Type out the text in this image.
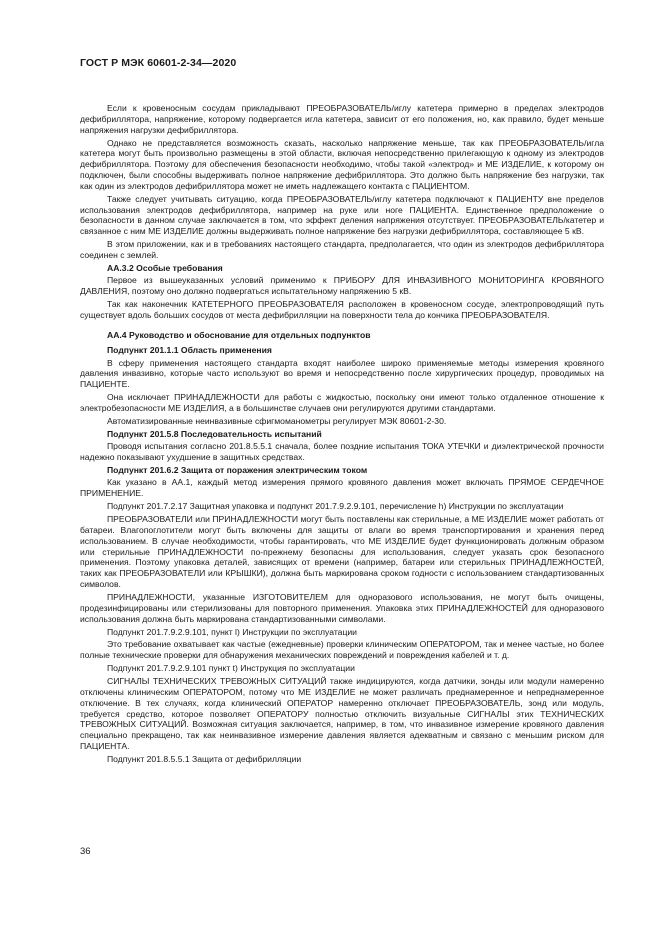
ГОСТ Р МЭК 60601-2-34—2020

Если к кровеносным сосудам прикладывают ПРЕОБРАЗОВАТЕЛЬ/иглу катетера примерно в пределах электродов дефибриллятора, напряжение, которому подвергается игла катетера, зависит от его положения, но, как правило, будет меньше напряжения нагрузки дефибриллятора.

Однако не представляется возможность сказать, насколько напряжение меньше, так как ПРЕОБРАЗОВАТЕЛЬ/игла катетера могут быть произвольно размещены в этой области, включая непосредственно прилегающую к одному из электродов дефибриллятора. Поэтому для обеспечения безопасности необходимо, чтобы такой «электрод» и МЕ ИЗДЕЛИЕ, к которому он подключен, были способны выдерживать полное напряжение дефибриллятора. Это должно быть напряжение без нагрузки, так как один из электродов дефибриллятора может не иметь надлежащего контакта с ПАЦИЕНТОМ.

Также следует учитывать ситуацию, когда ПРЕОБРАЗОВАТЕЛЬ/иглу катетера подключают к ПАЦИЕНТУ вне пределов использования электродов дефибриллятора, например на руке или ноге ПАЦИЕНТА. Единственное предположение о безопасности в данном случае заключается в том, что эффект деления напряжения отсутствует. ПРЕОБРАЗОВАТЕЛЬ/катетер и связанное с ним МЕ ИЗДЕЛИЕ должны выдерживать полное напряжение без нагрузки дефибриллятора, составляющее 5 кВ.

В этом приложении, как и в требованиях настоящего стандарта, предполагается, что один из электродов дефибриллятора соединен с землей.

АА.3.2 Особые требования

Первое из вышеуказанных условий применимо к ПРИБОРУ ДЛЯ ИНВАЗИВНОГО МОНИТОРИНГА КРОВЯНОГО ДАВЛЕНИЯ, поэтому оно должно подвергаться испытательному напряжению 5 кВ.

Так как наконечник КАТЕТЕРНОГО ПРЕОБРАЗОВАТЕЛЯ расположен в кровеносном сосуде, электропроводящий путь существует вдоль больших сосудов от места дефибрилляции на поверхности тела до кончика ПРЕОБРАЗОВАТЕЛЯ.

АА.4 Руководство и обоснование для отдельных подпунктов

Подпункт 201.1.1 Область применения

В сферу применения настоящего стандарта входят наиболее широко применяемые методы измерения кровяного давления инвазивно, которые часто используют во время и непосредственно после хирургических процедур, проводимых на ПАЦИЕНТЕ.

Она исключает ПРИНАДЛЕЖНОСТИ для работы с жидкостью, поскольку они имеют только отдаленное отношение к электробезопасности МЕ ИЗДЕЛИЯ, а в большинстве случаев они регулируются другими стандартами.

Автоматизированные неинвазивные сфигмоманометры регулирует МЭК 80601-2-30.

Подпункт 201.5.8 Последовательность испытаний

Проводя испытания согласно 201.8.5.5.1 сначала, более поздние испытания ТОКА УТЕЧКИ и диэлектрической прочности надежно показывают ухудшение в защитных средствах.

Подпункт 201.6.2 Защита от поражения электрическим током

Как указано в АА.1, каждый метод измерения прямого кровяного давления может включать ПРЯМОЕ СЕРДЕЧНОЕ ПРИМЕНЕНИЕ.

Подпункт 201.7.2.17 Защитная упаковка и подпункт 201.7.9.2.9.101, перечисление h) Инструкции по эксплуатации

ПРЕОБРАЗОВАТЕЛИ или ПРИНАДЛЕЖНОСТИ могут быть поставлены как стерильные, а МЕ ИЗДЕЛИЕ может работать от батареи. Влагопоглотители могут быть включены для защиты от влаги во время транспортирования и хранения перед использованием. В случае необходимости, чтобы гарантировать, что МЕ ИЗДЕЛИЕ будет функционировать должным образом или стерильные ПРИНАДЛЕЖНОСТИ по-прежнему безопасны для использования, следует указать срок безопасного применения. Поэтому упаковка деталей, зависящих от времени (например, батареи или стерильных ПРИНАДЛЕЖНОСТЕЙ, таких как ПРЕОБРАЗОВАТЕЛИ или КРЫШКИ), должна быть маркирована сроком годности с использованием стандартизованных символов.

ПРИНАДЛЕЖНОСТИ, указанные ИЗГОТОВИТЕЛЕМ для одноразового использования, не могут быть очищены, продезинфицированы или стерилизованы для повторного применения. Упаковка этих ПРИНАДЛЕЖНОСТЕЙ для одноразового использования должна быть маркирована стандартизованными символами.

Подпункт 201.7.9.2.9.101, пункт l) Инструкции по эксплуатации

Это требование охватывает как частые (ежедневные) проверки клиническим ОПЕРАТОРОМ, так и менее частые, но более полные технические проверки для обнаружения механических повреждений и повреждения кабелей и т. д.

Подпункт 201.7.9.2.9.101 пункт t) Инструкция по эксплуатации

СИГНАЛЫ ТЕХНИЧЕСКИХ ТРЕВОЖНЫХ СИТУАЦИЙ также индицируются, когда датчики, зонды или модули намеренно отключены клиническим ОПЕРАТОРОМ, потому что МЕ ИЗДЕЛИЕ не может различать преднамеренное и непреднамеренное отключение. В тех случаях, когда клинический ОПЕРАТОР намеренно отключает ПРЕОБРАЗОВАТЕЛЬ, зонд или модуль, требуется средство, которое позволяет ОПЕРАТОРУ полностью отключить визуальные СИГНАЛЫ этих ТЕХНИЧЕСКИХ ТРЕВОЖНЫХ СИТУАЦИЙ. Возможная ситуация заключается, например, в том, что инвазивное измерение кровяного давления специально прекращено, так как неинвазивное измерение давления является адекватным и связано с меньшим риском для ПАЦИЕНТА.

Подпункт 201.8.5.5.1 Защита от дефибрилляции

36
